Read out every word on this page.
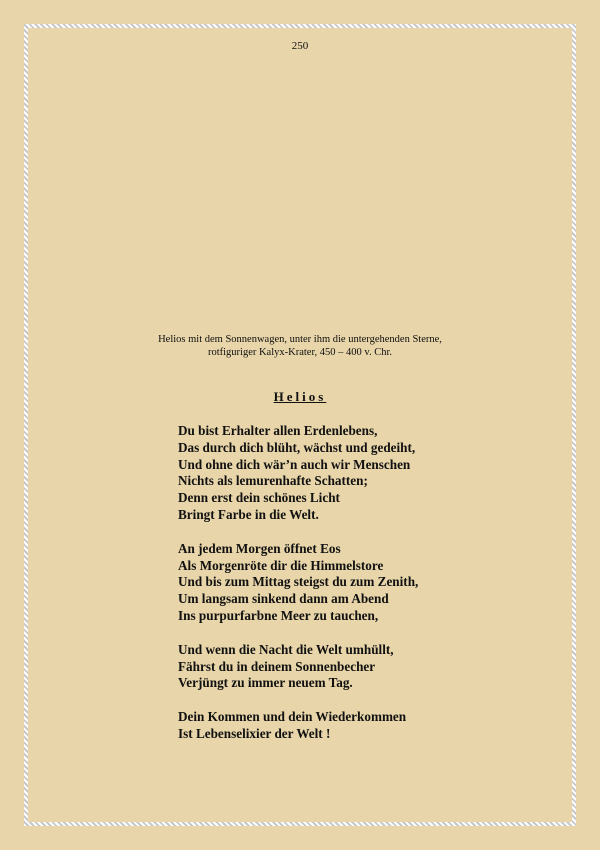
250
Helios mit dem Sonnenwagen, unter ihm die untergehenden Sterne,
rotfiguriger Kalyx-Krater, 450 – 400 v. Chr.
Helios
Du bist Erhalter allen Erdenlebens,
Das durch dich blüht, wächst und gedeiht,
Und ohne dich wär’n auch wir Menschen
Nichts als lemurenhafte Schatten;
Denn erst dein schönes Licht
Bringt Farbe in die Welt.
An jedem Morgen öffnet Eos
Als Morgenröte dir die Himmelstore
Und bis zum Mittag steigst du zum Zenith,
Um langsam sinkend dann am Abend
Ins purpurfarbne Meer zu tauchen,
Und wenn die Nacht die Welt umhüllt,
Fährst du in deinem Sonnenbecher
Verjüngt zu immer neuem Tag.
Dein Kommen und dein Wiederkommen
Ist Lebenselixier der Welt !
